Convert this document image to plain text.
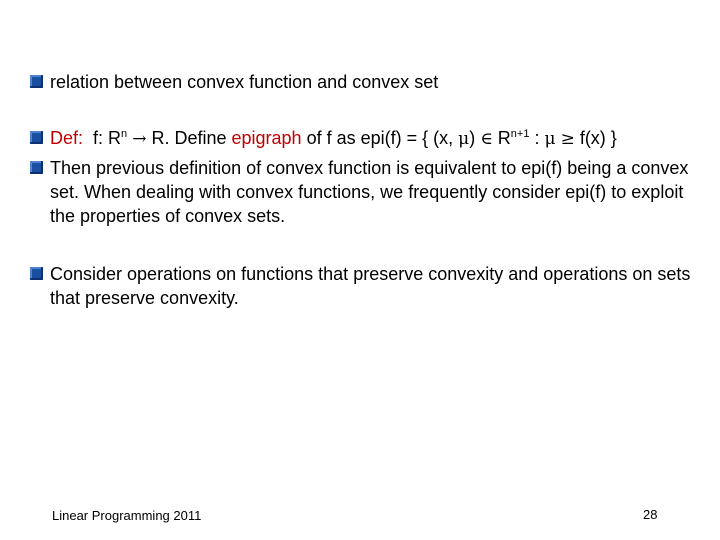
relation between convex function and convex set
Def: f: $R^n \to R$. Define epigraph of f as epi(f) = { (x, μ) ∈ $R^{n+1}$ : μ ≥ f(x) }
Then previous definition of convex function is equivalent to epi(f) being a convex set. When dealing with convex functions, we frequently consider epi(f) to exploit the properties of convex sets.
Consider operations on functions that preserve convexity and operations on sets that preserve convexity.
Linear Programming 2011	28
